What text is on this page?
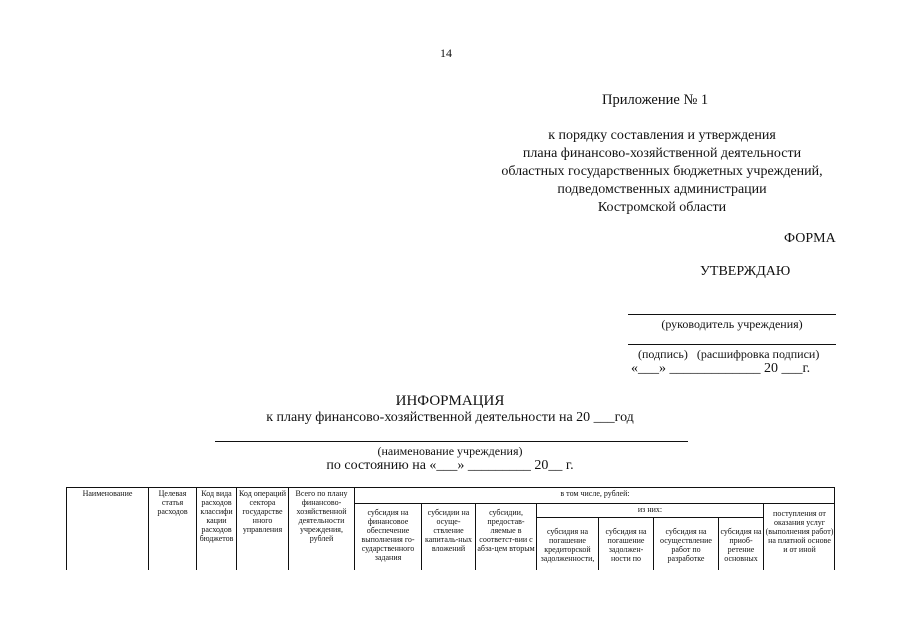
14
Приложение № 1
к порядку составления и утверждения
плана финансово-хозяйственной деятельности
областных государственных бюджетных учреждений,
подведомственных администрации
Костромской области
ФОРМА
УТВЕРЖДАЮ
(руководитель учреждения)
(подпись)   (расшифровка подписи)
«___» _____________ 20 ___г.
ИНФОРМАЦИЯ
к плану финансово-хозяйственной деятельности на 20 ___год
(наименование учреждения)
по состоянию на «___» _________ 20__ г.
Наименование	Целевая статья расходов
Код вида расходов классифи кации расходов бюджетов
Код операций сектора государстве нного управления
Всего по плану финансово-хозяйственной деятельности учреждения, рублей
в том числе, рублей:
субсидия на финансовое обеспечение выполнения го-сударственного задания
субсидии на осуще-ствление капиталь-ных вложений
субсидии, предостав-ляемые в соответст-вии с абза-цем вторым
из них:
субсидия на погашение кредиторской задолженности,
субсидия на погашение задолжен-ности по
субсидия на осуществление работ по разработке
субсидия на приоб-ретение основных
поступления от оказания услуг (выполнения работ) на платной основе и от иной
